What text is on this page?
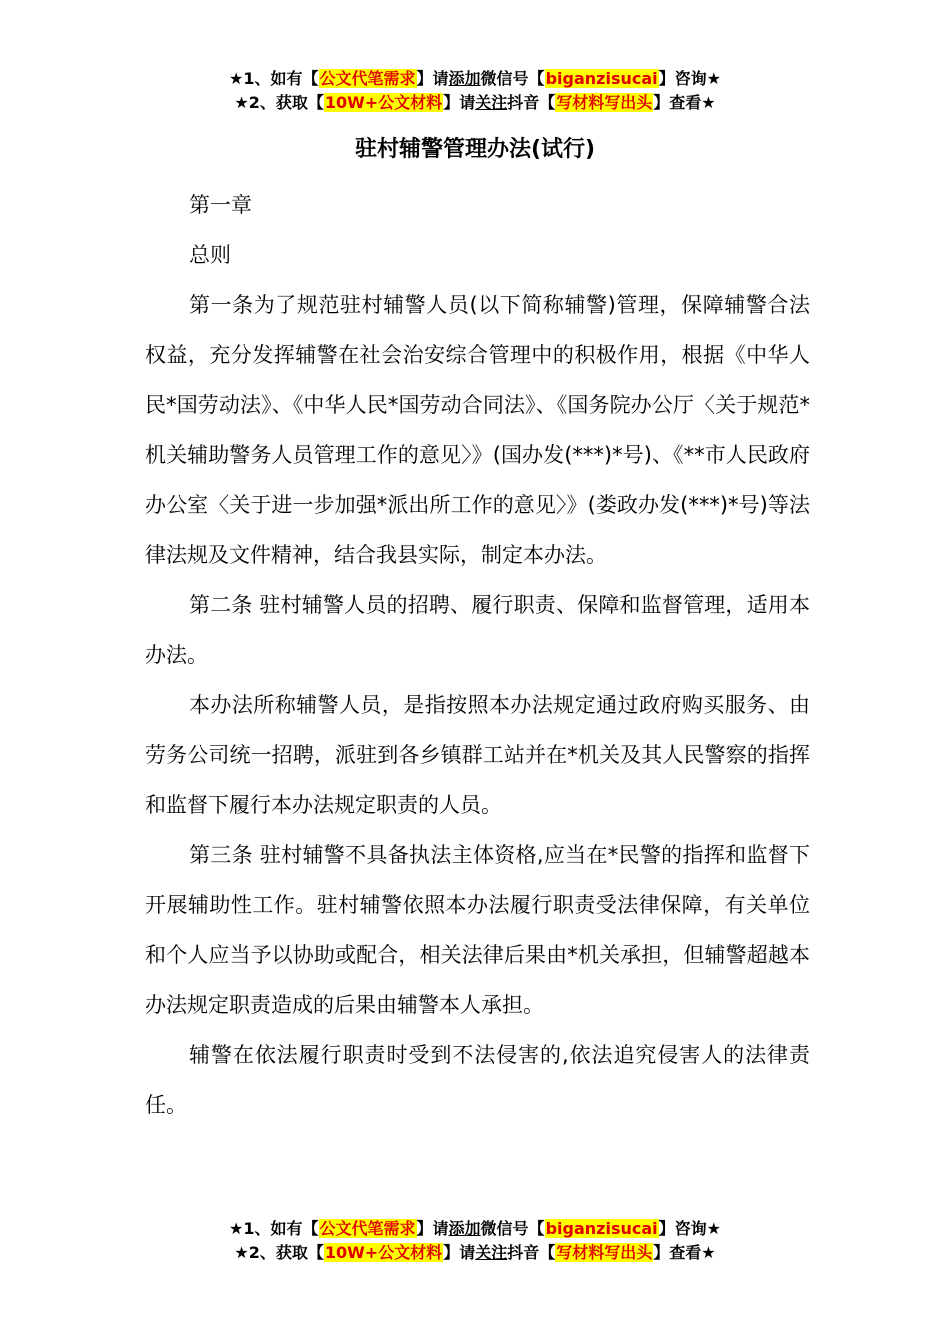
★1、如有【公文代笔需求】请添加微信号【biganzisucai】咨询★
★2、获取【10W+公文材料】请关注抖音【写材料写出头】查看★
驻村辅警管理办法(试行)

第一章

总则

第一条为了规范驻村辅警人员(以下简称辅警)管理，保障辅警合法权益，充分发挥辅警在社会治安综合管理中的积极作用，根据《中华人民*国劳动法》、《中华人民*国劳动合同法》、《国务院办公厅〈关于规范*机关辅助警务人员管理工作的意见〉》(国办发(***)*号)、《**市人民政府办公室〈关于进一步加强*派出所工作的意见〉》(娄政办发(***)*号)等法律法规及文件精神，结合我县实际，制定本办法。

第二条 驻村辅警人员的招聘、履行职责、保障和监督管理，适用本办法。

本办法所称辅警人员，是指按照本办法规定通过政府购买服务、由劳务公司统一招聘，派驻到各乡镇群工站并在*机关及其人民警察的指挥和监督下履行本办法规定职责的人员。

第三条 驻村辅警不具备执法主体资格,应当在*民警的指挥和监督下开展辅助性工作。驻村辅警依照本办法履行职责受法律保障，有关单位和个人应当予以协助或配合，相关法律后果由*机关承担，但辅警超越本办法规定职责造成的后果由辅警本人承担。

辅警在依法履行职责时受到不法侵害的,依法追究侵害人的法律责任。

★1、如有【公文代笔需求】请添加微信号【biganzisucai】咨询★
★2、获取【10W+公文材料】请关注抖音【写材料写出头】查看★
